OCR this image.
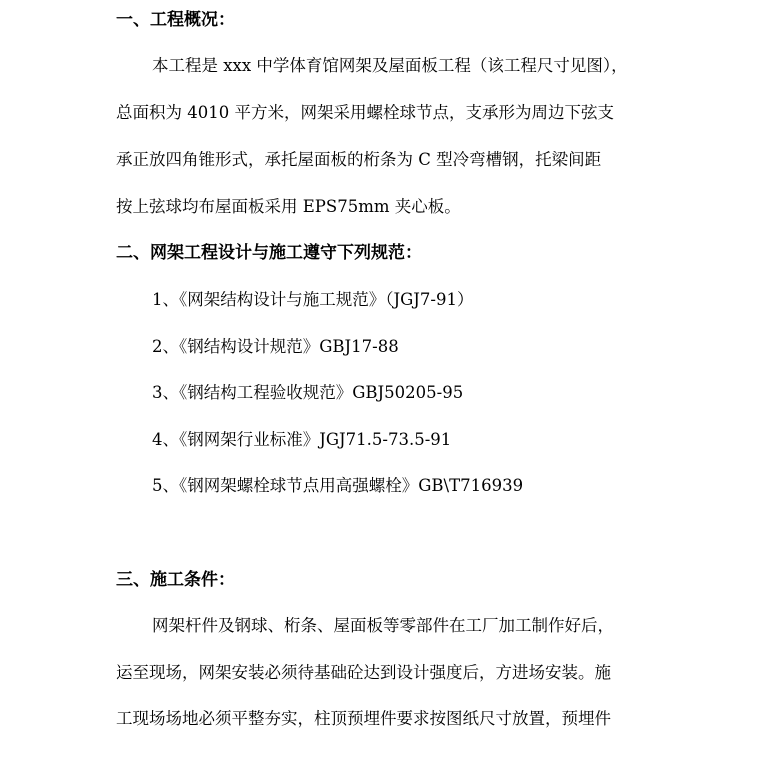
一、工程概况：
本工程是 xxx 中学体育馆网架及屋面板工程（该工程尺寸见图），
总面积为 4010 平方米，网架采用螺栓球节点，支承形为周边下弦支
承正放四角锥形式，承托屋面板的桁条为 C 型冷弯槽钢，托梁间距
按上弦球均布屋面板采用 EPS75mm 夹心板。
二、网架工程设计与施工遵守下列规范：
1、《网架结构设计与施工规范》（JGJ7-91）
2、《钢结构设计规范》GBJ17-88
3、《钢结构工程验收规范》GBJ50205-95
4、《钢网架行业标准》JGJ71.5-73.5-91
5、《钢网架螺栓球节点用高强螺栓》GB\T716939
三、施工条件：
网架杆件及钢球、桁条、屋面板等零部件在工厂加工制作好后，
运至现场，网架安装必须待基础砼达到设计强度后，方进场安装。施
工现场场地必须平整夯实，柱顶预埋件要求按图纸尺寸放置，预埋件
